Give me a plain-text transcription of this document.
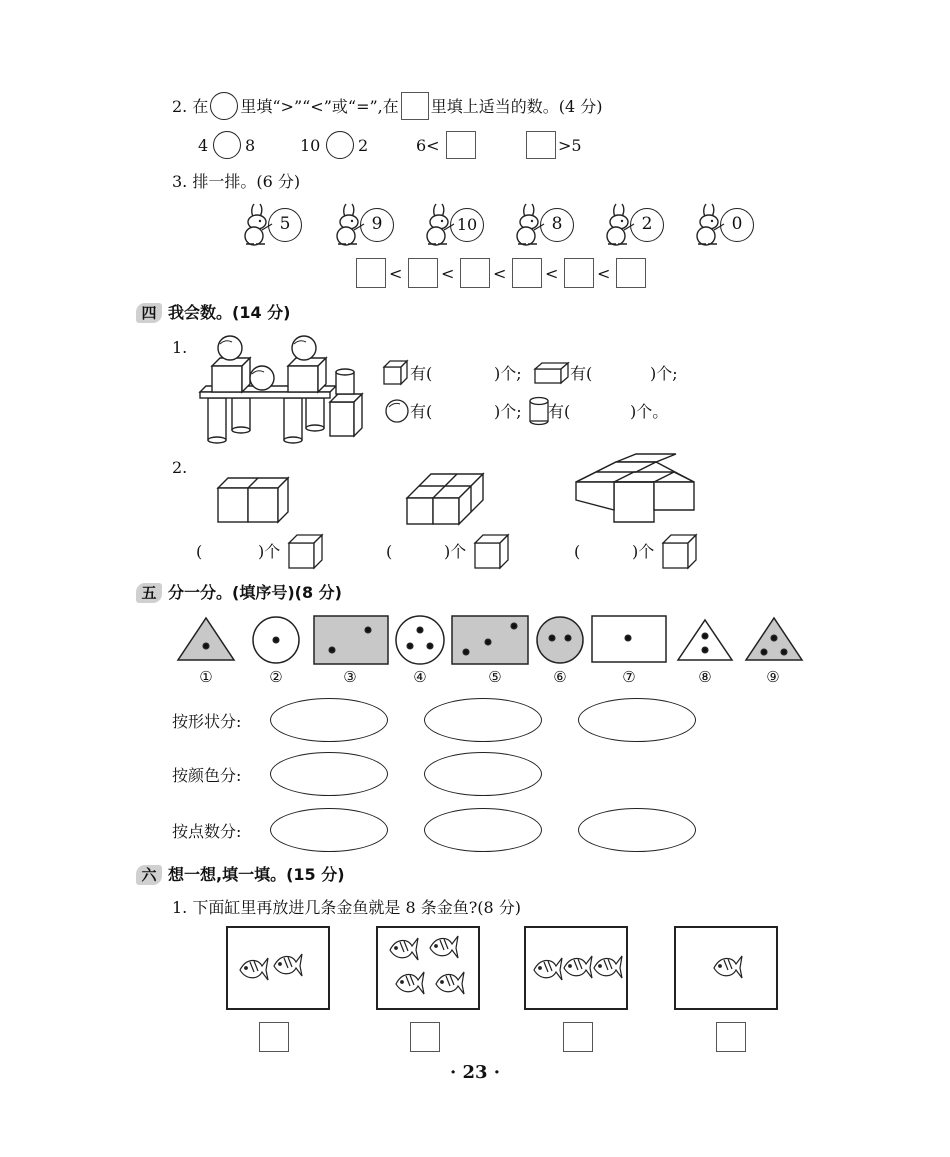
2. 在 里填“>”“<”或“=”,在 里填上适当的数。(4 分)
4 8	10 2	6<	>5
3. 排一排。(6 分)
5	9	10	8	2	0
< < < < <
四 我会数。(14 分)
1.
有(	)个;	有(	)个;
有(	)个; 有(	)个。
2.
(	)个	(	)个	(	)个
五 分一分。(填序号)(8 分)
①	②	③	④	⑤	⑥	⑦	⑧	⑨
按形状分:
按颜色分:
按点数分:
六 想一想,填一填。(15 分)
1. 下面缸里再放进几条金鱼就是 8 条金鱼?(8 分)
· 23 ·
